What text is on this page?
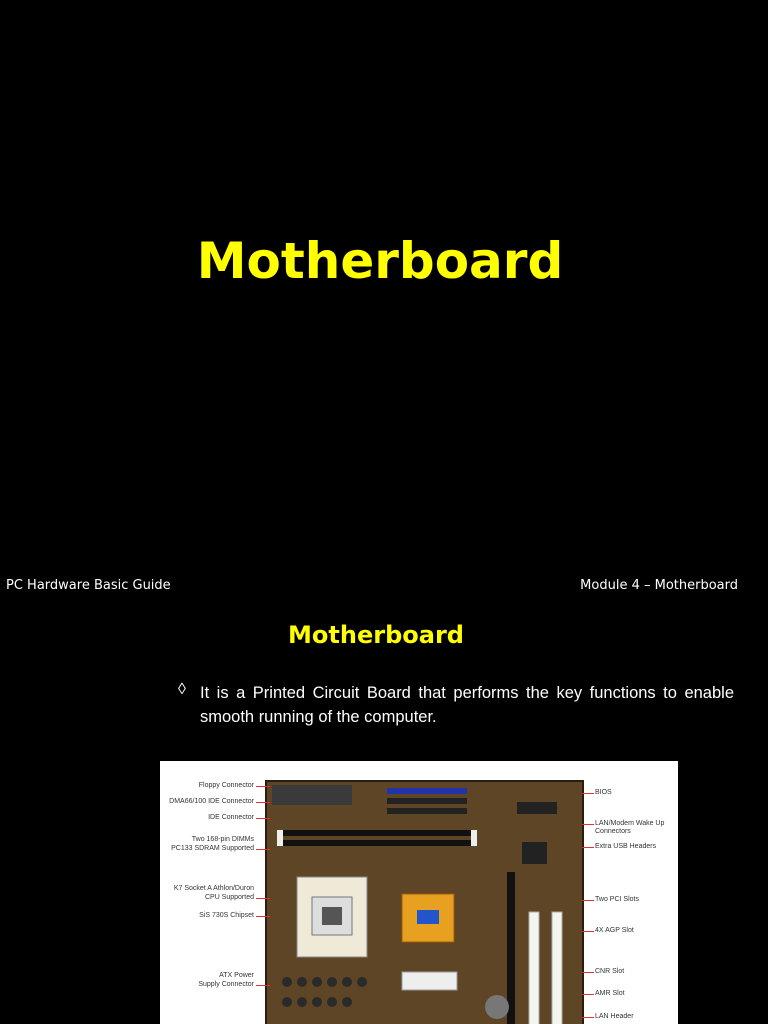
Motherboard
PC Hardware Basic Guide	Module 4 – Motherboard
Motherboard
◊ It is a Printed Circuit Board that performs the key functions to enable smooth running of the computer.
Floppy Connector
DMA66/100 IDE Connector
IDE Connector
Two 168-pin DIMMs
PC133 SDRAM Supported
K7 Socket A Athlon/Duron
CPU Supported
SiS 730S Chipset
ATX Power
Supply Connector
BIOS
LAN/Modem Wake Up
Connectors
Extra USB Headers
Two PCI Slots
4X AGP Slot
CNR Slot
AMR Slot
LAN Header
